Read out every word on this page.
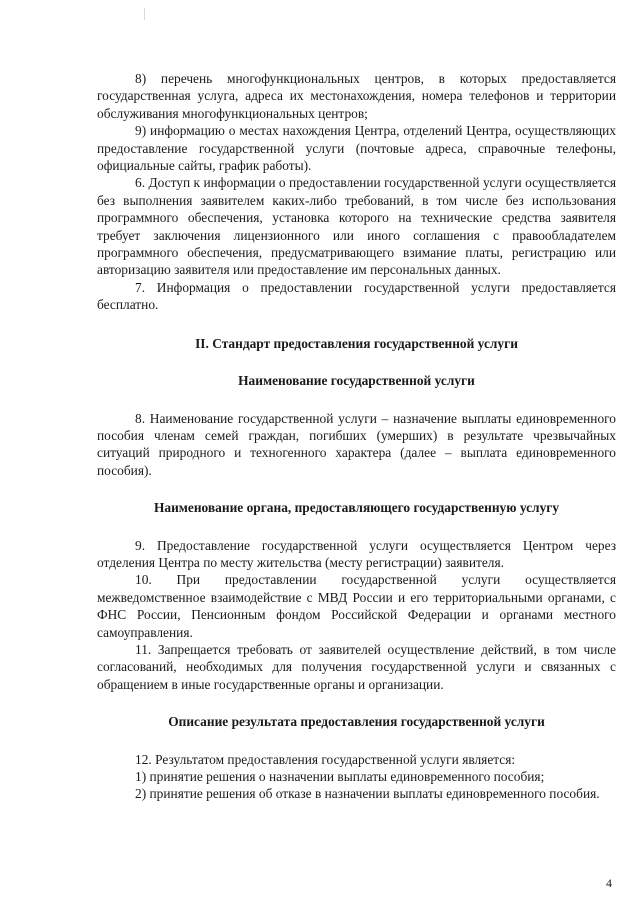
8) перечень многофункциональных центров, в которых предоставляется государственная услуга, адреса их местонахождения, номера телефонов и территории обслуживания многофункциональных центров;

9) информацию о местах нахождения Центра, отделений Центра, осуществляющих предоставление государственной услуги (почтовые адреса, справочные телефоны, официальные сайты, график работы).

6. Доступ к информации о предоставлении государственной услуги осуществляется без выполнения заявителем каких-либо требований, в том числе без использования программного обеспечения, установка которого на технические средства заявителя требует заключения лицензионного или иного соглашения с правообладателем программного обеспечения, предусматривающего взимание платы, регистрацию или авторизацию заявителя или предоставление им персональных данных.

7. Информация о предоставлении государственной услуги предоставляется бесплатно.

II. Стандарт предоставления государственной услуги

Наименование государственной услуги

8. Наименование государственной услуги – назначение выплаты единовременного пособия членам семей граждан, погибших (умерших) в результате чрезвычайных ситуаций природного и техногенного характера (далее – выплата единовременного пособия).

Наименование органа, предоставляющего государственную услугу

9. Предоставление государственной услуги осуществляется Центром через отделения Центра по месту жительства (месту регистрации) заявителя.

10. При предоставлении государственной услуги осуществляется межведомственное взаимодействие с МВД России и его территориальными органами, с ФНС России, Пенсионным фондом Российской Федерации и органами местного самоуправления.

11. Запрещается требовать от заявителей осуществление действий, в том числе согласований, необходимых для получения государственной услуги и связанных с обращением в иные государственные органы и организации.

Описание результата предоставления государственной услуги

12. Результатом предоставления государственной услуги является:

1) принятие решения о назначении выплаты единовременного пособия;

2) принятие решения об отказе в назначении выплаты единовременного пособия.

4
